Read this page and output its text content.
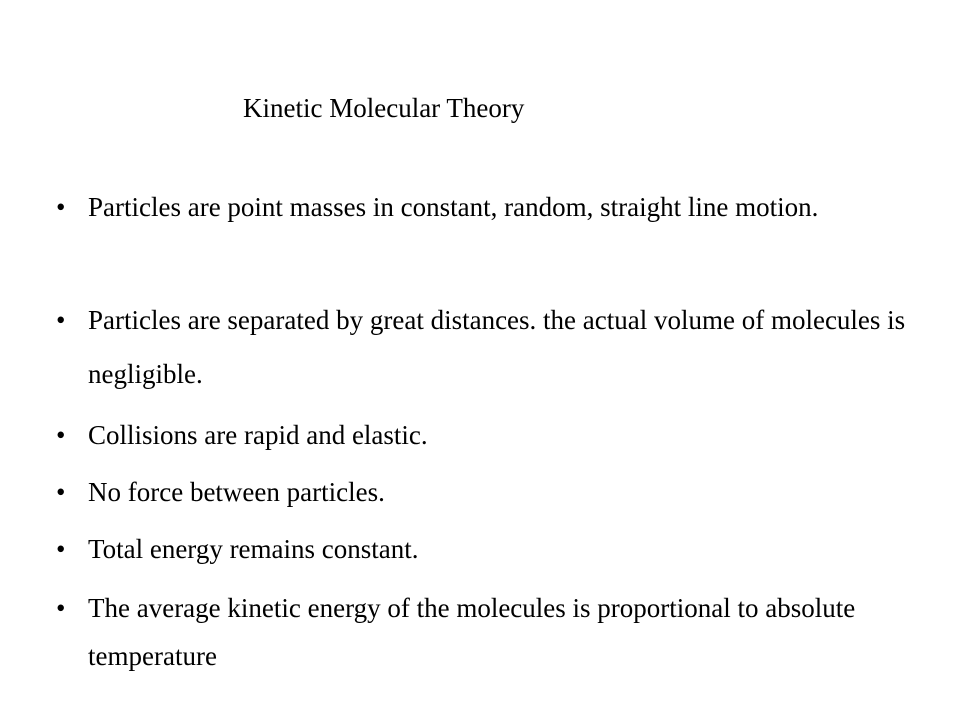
Kinetic Molecular Theory
• Particles are point masses in constant, random, straight line motion.
• Particles are separated by great distances. the actual volume of molecules is negligible.
• Collisions are rapid and elastic.
• No force between particles.
• Total energy remains constant.
• The average kinetic energy of the molecules is proportional to absolute temperature
